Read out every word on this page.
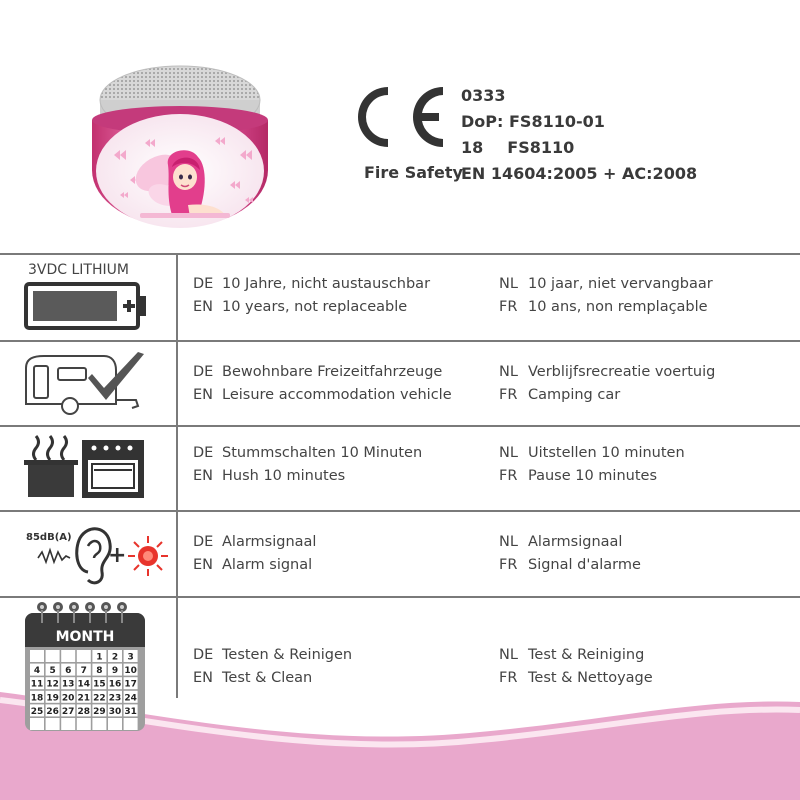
Fire Safety
0333
DoP: FS8110-01
18 FS8110
EN 14604:2005 + AC:2008
3VDC LITHIUM
DE 10 Jahre, nicht austauschbar
EN 10 years, not replaceable
NL 10 jaar, niet vervangbaar
FR 10 ans, non remplaçable
DE Bewohnbare Freizeitfahrzeuge
EN Leisure accommodation vehicle
NL Verblijfsrecreatie voertuig
FR Camping car
DE Stummschalten 10 Minuten
EN Hush 10 minutes
NL Uitstellen 10 minuten
FR Pause 10 minutes
85dB(A)
+
DE Alarmsignaal
EN Alarm signal
NL Alarmsignaal
FR Signal d'alarme
MONTH
1 2 3
4 5 6 7 8 9 10
11 12 13 14 15 16 17
18 19 20 21 22 23 24
25 26 27 28 29 30 31
DE Testen & Reinigen
EN Test & Clean
NL Test & Reiniging
FR Test & Nettoyage
